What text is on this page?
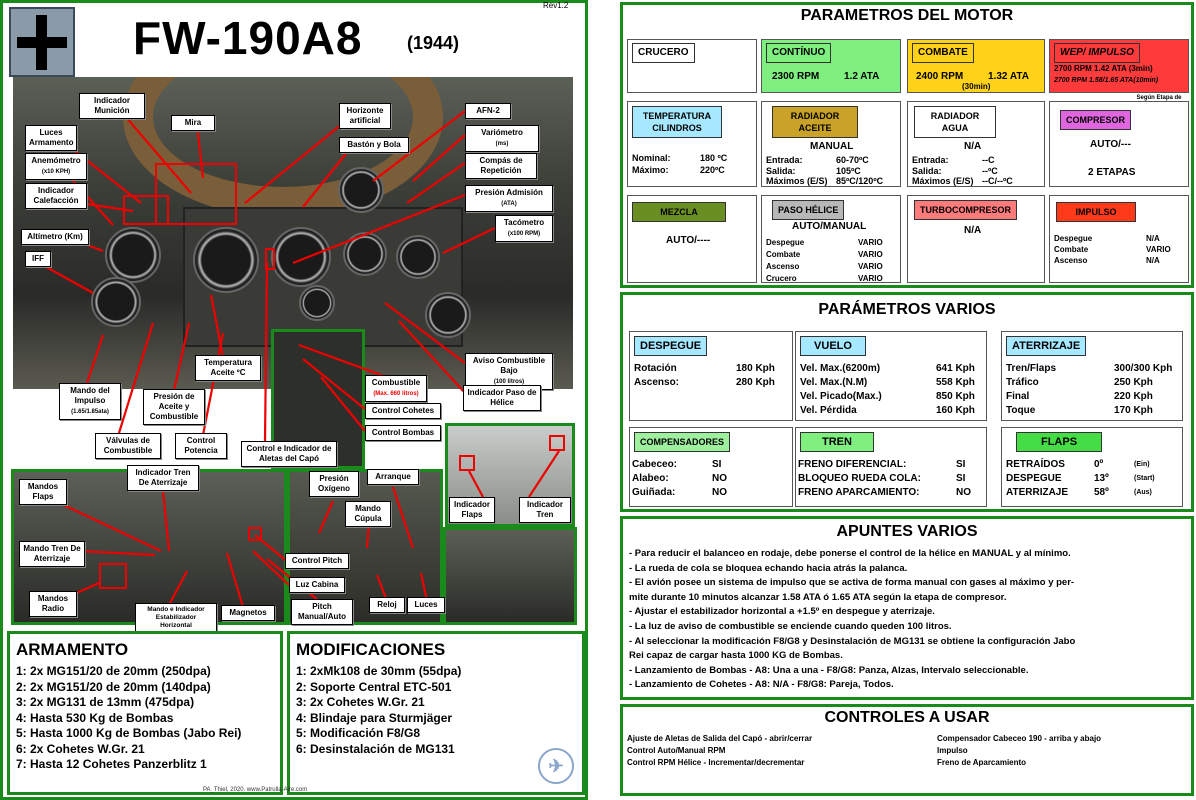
FW-190A8 (1944)
Rev1.2
Indicador Munición
Mira
Luces Armamento
Anemómetro
(x10 KPH)
Indicador Calefacción
Altímetro (Km)
IFF
Mando del Impulso
(1.65/1.85ata)
Temperatura Aceite ºC
Presión de Aceite y Combustible
Válvulas de Combustible
Control Potencia	Control e Indicador de Aletas del Capó
Horizonte artificial
Bastón y Bola
AFN-2
Variómetro
(ms)
Compás de Repetición
Presión Admisión
(ATA)
Tacómetro
(x100 RPM)
Combustible
(Max. 660 litros)
Control Cohetes
Control Bombas
Aviso Combustible Bajo
(100 litros)
Indicador Paso de Hélice
Indicador Flaps
Indicador Tren
Mandos Flaps
Indicador Tren De Aterrizaje
Mando Tren De Aterrizaje
Mandos Radio	Mando e Indicador Estabilizador Horizontal
Magnetos
Presión Oxígeno
Arranque
Mando Cúpula
Control Pitch
Luz Cabina
Pitch Manual/Auto
Reloj	Luces
ARMAMENTO
1: 2x MG151/20 de 20mm (250dpa)
2: 2x MG151/20 de 20mm (140dpa)
3: 2x MG131 de 13mm (475dpa)
4: Hasta 530 Kg de Bombas
5: Hasta 1000 Kg de Bombas (Jabo Rei)
6: 2x Cohetes W.Gr. 21
7: Hasta 12 Cohetes Panzerblitz 1
MODIFICACIONES
1: 2xMk108 de 30mm (55dpa)
2: Soporte Central ETC-501
3: 2x Cohetes W.Gr. 21
4: Blindaje para Sturmjäger
5: Modificación F8/G8
6: Desinstalación de MG131
✈
PA_Thiel, 2020. www.Patrulla-Aire.com
PARAMETROS DEL MOTOR
CRUCERO	CONTÍNUO
2300 RPM 1.2 ATA
COMBATE
2400 RPM 1.32 ATA
(30min)
WEP/ IMPULSO
2700 RPM 1.42 ATA (3min)
2700 RPM 1.58/1.65 ATA(10min)
Según Etapa de
TEMPERATURA CILINDROS
Nominal:	180 ºC
Máximo:	220ºC
RADIADOR ACEITE
MANUAL
Entrada:	60-70ºC
Salida:	105ºC
Máximos (E/S) 85ºC/120ºC
RADIADOR AGUA
N/A
Entrada:	--C
Salida:	--ºC
Máximos (E/S) --C/--ºC
COMPRESOR
AUTO/---
2 ETAPAS
MEZCLA
AUTO/----
PASO HÉLICE
AUTO/MANUAL
Despegue	VARIO
Combate	VARIO
Ascenso	VARIO
Crucero	VARIO
TURBOCOMPRESOR
N/A
IMPULSO
Despegue	N/A
Combate	VARIO
Ascenso	N/A
PARÁMETROS VARIOS
DESPEGUE
Rotación	180 Kph
Ascenso:	280 Kph
VUELO
Vel. Max.(6200m)	641 Kph
Vel. Max.(N.M)	558 Kph
Vel. Picado(Max.)	850 Kph
Vel. Pérdida	160 Kph
ATERRIZAJE
Tren/Flaps	300/300 Kph
Tráfico	250 Kph
Final	220 Kph
Toque	170 Kph
COMPENSADORES
Cabeceo:	SI
Alabeo:	NO
Guiñada:	NO
TREN
FRENO DIFERENCIAL:	SI
BLOQUEO RUEDA COLA:	SI
FRENO APARCAMIENTO:	NO
FLAPS
RETRAÍDOS	0º	(Ein)
DESPEGUE	13º	(Start)
ATERRIZAJE	58º	(Aus)
APUNTES VARIOS
- Para reducir el balanceo en rodaje, debe ponerse el control de la hélice en MANUAL y al mínimo.
- La rueda de cola se bloquea echando hacia atrás la palanca.
- El avión posee un sistema de impulso que se activa de forma manual con gases al máximo y per-
mite durante 10 minutos alcanzar 1.58 ATA ó 1.65 ATA según la etapa de compresor.
- Ajustar el estabilizador horizontal a +1.5º en despegue y aterrizaje.
- La luz de aviso de combustible se enciende cuando queden 100 litros.
- Al seleccionar la modificación F8/G8 y Desinstalación de MG131 se obtiene la configuración Jabo
Rei capaz de cargar hasta 1000 KG de Bombas.
- Lanzamiento de Bombas - A8: Una a una - F8/G8: Panza, Alzas, Intervalo seleccionable.
- Lanzamiento de Cohetes - A8: N/A - F8/G8: Pareja, Todos.
CONTROLES A USAR
Ajuste de Aletas de Salida del Capó - abrir/cerrar
Control Auto/Manual RPM
Control RPM Hélice - Incrementar/decrementar
Compensador Cabeceo 190 - arriba y abajo
Impulso
Freno de Aparcamiento
